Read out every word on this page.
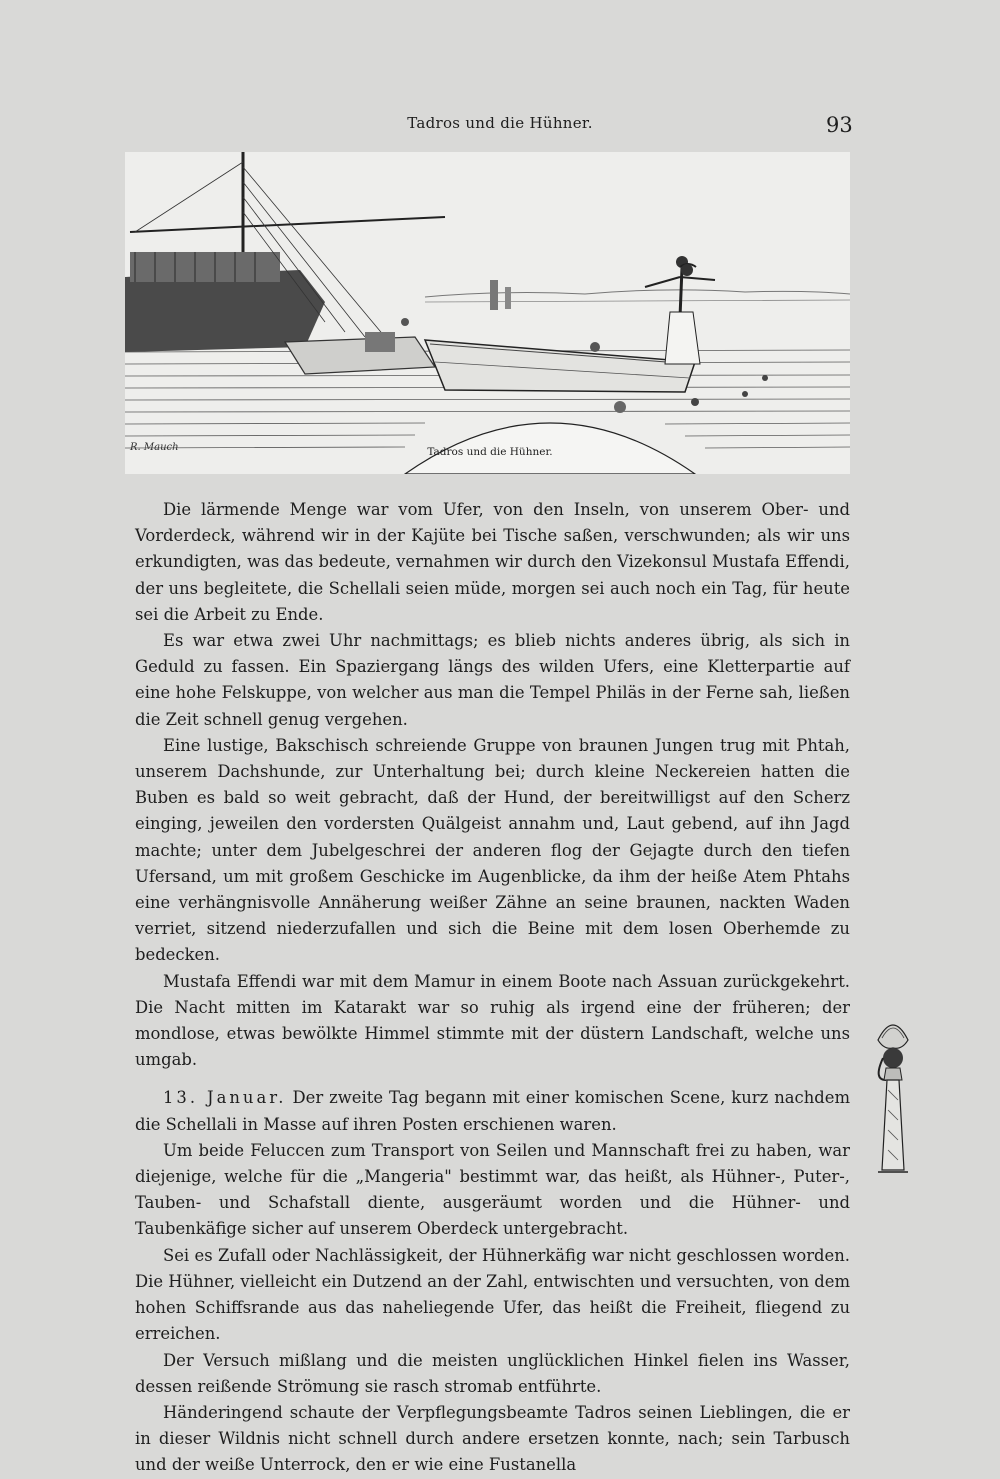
Tadros und die Hühner.	93
R. Mauch	Tadros und die Hühner.

Die lärmende Menge war vom Ufer, von den Inseln, von unserem Ober- und Vorderdeck, während wir in der Kajüte bei Tische saßen, verschwunden; als wir uns erkundigten, was das bedeute, vernahmen wir durch den Vizekonsul Mustafa Effendi, der uns begleitete, die Schellali seien müde, morgen sei auch noch ein Tag, für heute sei die Arbeit zu Ende.

Es war etwa zwei Uhr nachmittags; es blieb nichts anderes übrig, als sich in Geduld zu fassen. Ein Spaziergang längs des wilden Ufers, eine Kletterpartie auf eine hohe Felskuppe, von welcher aus man die Tempel Philäs in der Ferne sah, ließen die Zeit schnell genug vergehen.

Eine lustige, Bakschisch schreiende Gruppe von braunen Jungen trug mit Phtah, unserem Dachshunde, zur Unterhaltung bei; durch kleine Neckereien hatten die Buben es bald so weit gebracht, daß der Hund, der bereitwilligst auf den Scherz einging, jeweilen den vordersten Quälgeist annahm und, Laut gebend, auf ihn Jagd machte; unter dem Jubelgeschrei der anderen flog der Gejagte durch den tiefen Ufersand, um mit großem Geschicke im Augenblicke, da ihm der heiße Atem Phtahs eine verhängnisvolle Annäherung weißer Zähne an seine braunen, nackten Waden verriet, sitzend niederzufallen und sich die Beine mit dem losen Oberhemde zu bedecken.

Mustafa Effendi war mit dem Mamur in einem Boote nach Assuan zurückgekehrt. Die Nacht mitten im Katarakt war so ruhig als irgend eine der früheren; der mondlose, etwas bewölkte Himmel stimmte mit der düstern Landschaft, welche uns umgab.

13. Januar. Der zweite Tag begann mit einer komischen Scene, kurz nachdem die Schellali in Masse auf ihren Posten erschienen waren.

Um beide Feluccen zum Transport von Seilen und Mannschaft frei zu haben, war diejenige, welche für die „Mangeria" bestimmt war, das heißt, als Hühner-, Puter-, Tauben- und Schafstall diente, ausgeräumt worden und die Hühner- und Taubenkäfige sicher auf unserem Oberdeck untergebracht.

Sei es Zufall oder Nachlässigkeit, der Hühnerkäfig war nicht geschlossen worden. Die Hühner, vielleicht ein Dutzend an der Zahl, entwischten und versuchten, von dem hohen Schiffsrande aus das naheliegende Ufer, das heißt die Freiheit, fliegend zu erreichen.

Der Versuch mißlang und die meisten unglücklichen Hinkel fielen ins Wasser, dessen reißende Strömung sie rasch stromab entführte.

Händeringend schaute der Verpflegungsbeamte Tadros seinen Lieblingen, die er in dieser Wildnis nicht schnell durch andere ersetzen konnte, nach; sein Tarbusch und der weiße Unterrock, den er wie eine Fustanella
